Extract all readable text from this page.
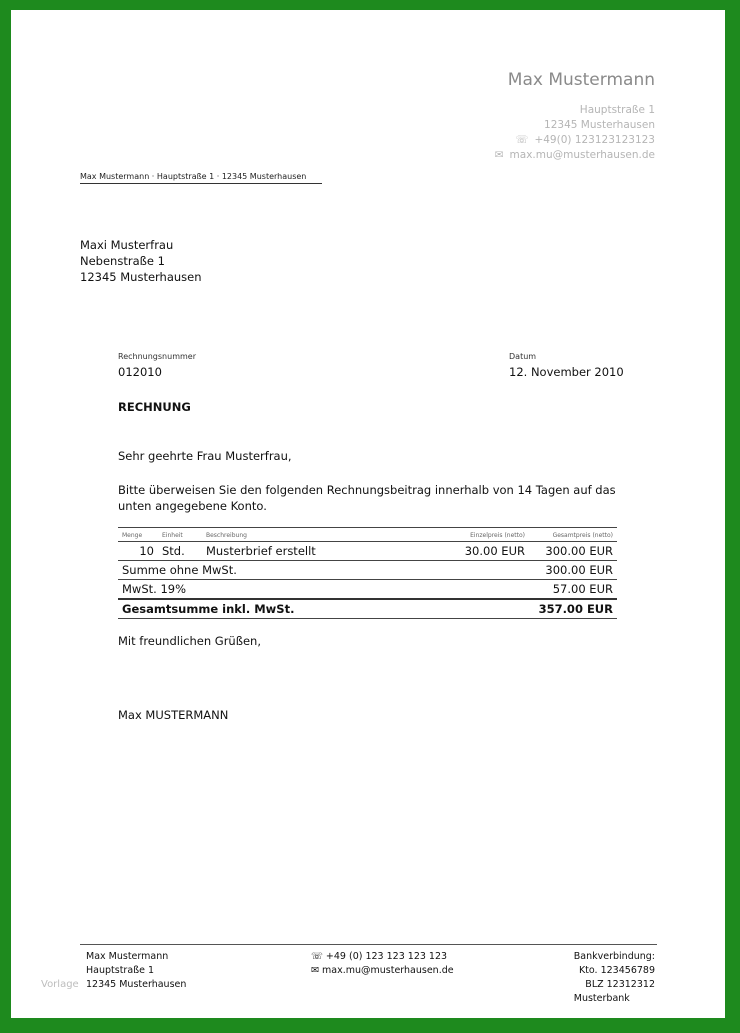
Max Mustermann
Hauptstraße 1
12345 Musterhausen
☏ +49(0) 123123123123
✉ max.mu@musterhausen.de
Max Mustermann · Hauptstraße 1 · 12345 Musterhausen
Maxi Musterfrau
Nebenstraße 1
12345 Musterhausen
Rechnungsnummer
012010
Datum
12. November 2010
RECHNUNG
Sehr geehrte Frau Musterfrau,
Bitte überweisen Sie den folgenden Rechnungsbeitrag innerhalb von 14 Tagen auf das unten angegebene Konto.
Menge	Einheit	Beschreibung	Einzelpreis (netto)	Gesamtpreis (netto)
10	Std.	Musterbrief erstellt	30.00 EUR	300.00 EUR
Summe ohne MwSt.				300.00 EUR
MwSt. 19%				57.00 EUR
Gesamtsumme inkl. MwSt.				357.00 EUR
Mit freundlichen Grüßen,
Max MUSTERMANN
Max Mustermann
Hauptstraße 1
12345 Musterhausen
☏ +49 (0) 123 123 123 123
✉ max.mu@musterhausen.de
Bankverbindung:
Kto. 123456789
BLZ 12312312
Musterbank
Vorlage
